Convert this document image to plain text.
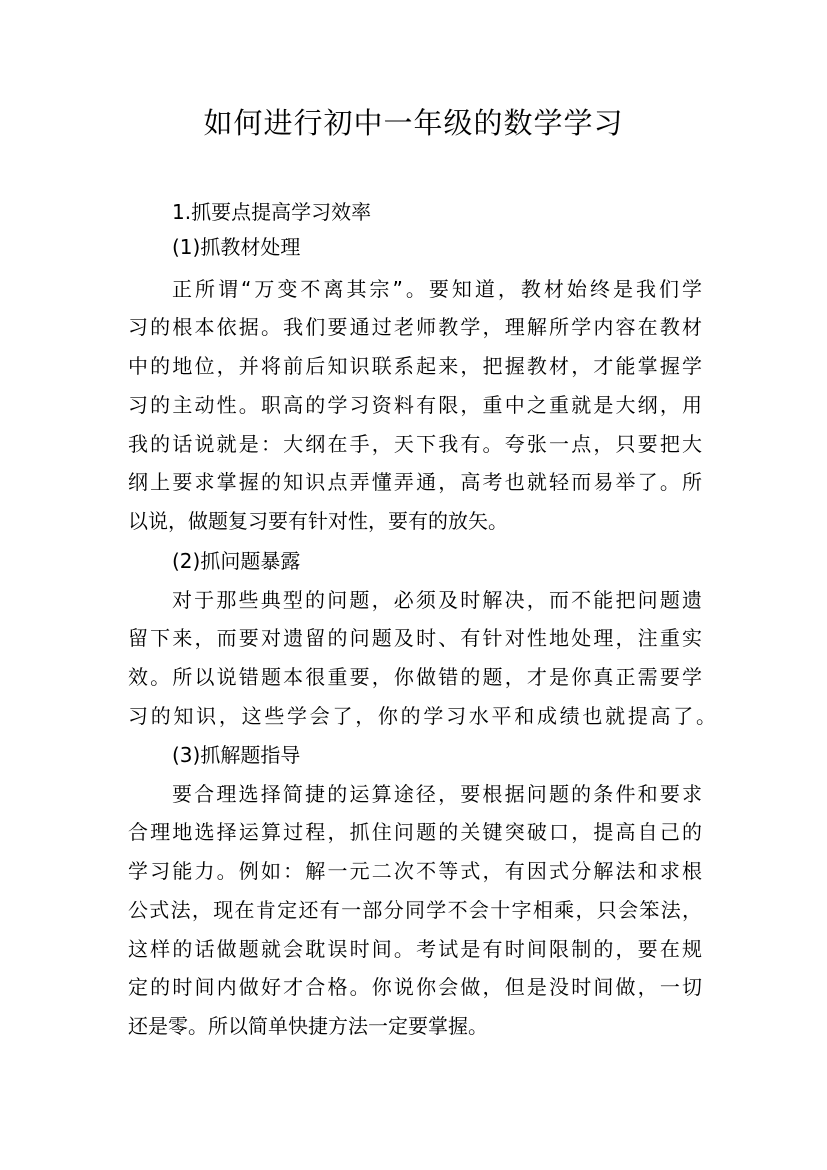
如何进行初中一年级的数学学习
1.抓要点提高学习效率
(1)抓教材处理
正所谓“万变不离其宗”。要知道，教材始终是我们学
习的根本依据。我们要通过老师教学，理解所学内容在教材
中的地位，并将前后知识联系起来，把握教材，才能掌握学
习的主动性。职高的学习资料有限，重中之重就是大纲，用
我的话说就是：大纲在手，天下我有。夸张一点，只要把大
纲上要求掌握的知识点弄懂弄通，高考也就轻而易举了。所
以说，做题复习要有针对性，要有的放矢。
(2)抓问题暴露
对于那些典型的问题，必须及时解决，而不能把问题遗
留下来，而要对遗留的问题及时、有针对性地处理，注重实
效。所以说错题本很重要，你做错的题，才是你真正需要学
习的知识，这些学会了，你的学习水平和成绩也就提高了。
(3)抓解题指导
要合理选择简捷的运算途径，要根据问题的条件和要求
合理地选择运算过程，抓住问题的关键突破口，提高自己的
学习能力。例如：解一元二次不等式，有因式分解法和求根
公式法，现在肯定还有一部分同学不会十字相乘，只会笨法，
这样的话做题就会耽误时间。考试是有时间限制的，要在规
定的时间内做好才合格。你说你会做，但是没时间做，一切
还是零。所以简单快捷方法一定要掌握。
